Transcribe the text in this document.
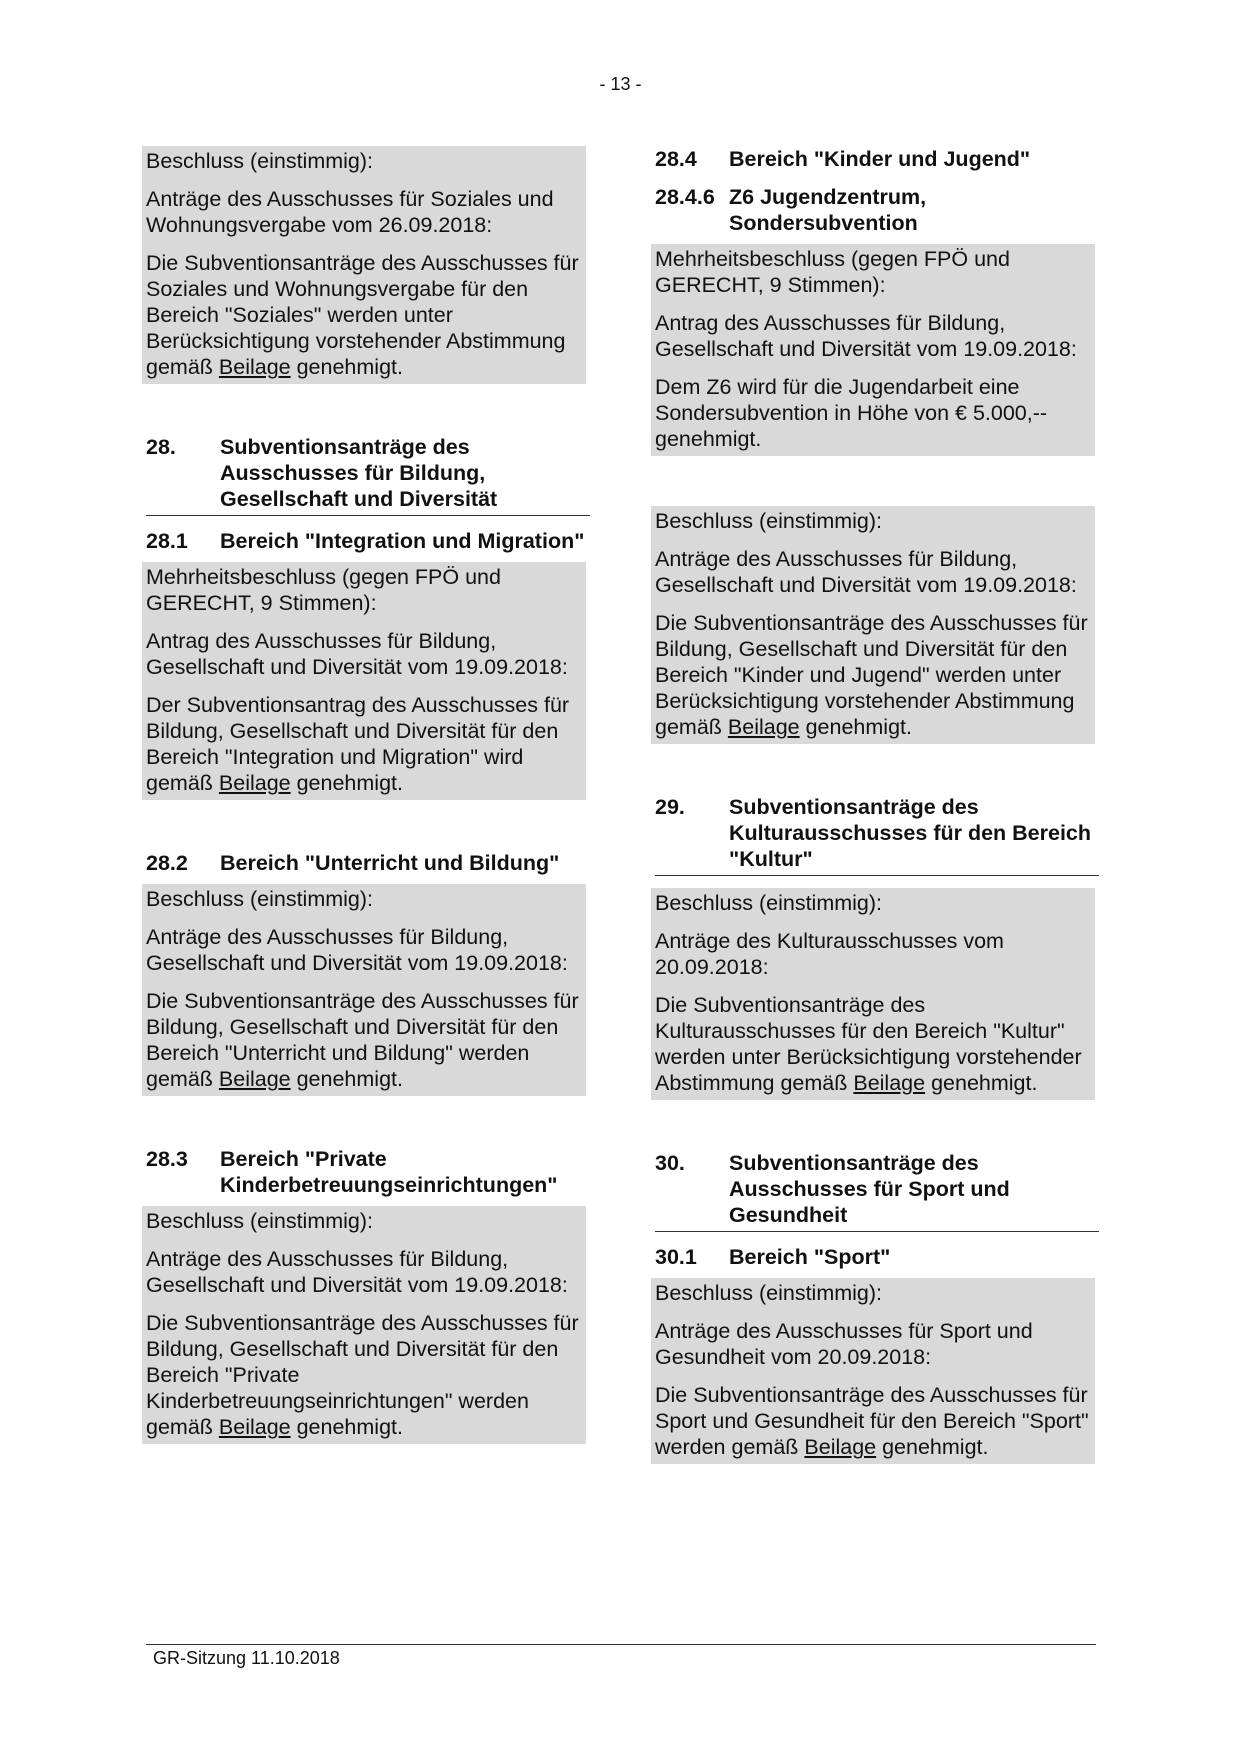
- 13 -

Beschluss (einstimmig):

Anträge des Ausschusses für Soziales und Wohnungsvergabe vom 26.09.2018:

Die Subventionsanträge des Ausschusses für Soziales und Wohnungsvergabe für den Bereich "Soziales" werden unter Berücksichtigung vorstehender Abstimmung gemäß Beilage genehmigt.

28.	Subventionsanträge des Ausschusses für Bildung, Gesellschaft und Diversität
28.1	Bereich "Integration und Migration"

Mehrheitsbeschluss (gegen FPÖ und GERECHT, 9 Stimmen):

Antrag des Ausschusses für Bildung, Gesellschaft und Diversität vom 19.09.2018:

Der Subventionsantrag des Ausschusses für Bildung, Gesellschaft und Diversität für den Bereich "Integration und Migration" wird gemäß Beilage genehmigt.

28.2	Bereich "Unterricht und Bildung"

Beschluss (einstimmig):

Anträge des Ausschusses für Bildung, Gesellschaft und Diversität vom 19.09.2018:

Die Subventionsanträge des Ausschusses für Bildung, Gesellschaft und Diversität für den Bereich "Unterricht und Bildung" werden gemäß Beilage genehmigt.

28.3	Bereich "Private Kinderbetreuungseinrichtungen"

Beschluss (einstimmig):

Anträge des Ausschusses für Bildung, Gesellschaft und Diversität vom 19.09.2018:

Die Subventionsanträge des Ausschusses für Bildung, Gesellschaft und Diversität für den Bereich "Private Kinderbetreuungseinrichtungen" werden gemäß Beilage genehmigt.

28.4	Bereich "Kinder und Jugend"
28.4.6 Z6 Jugendzentrum, Sondersubvention

Mehrheitsbeschluss (gegen FPÖ und GERECHT, 9 Stimmen):

Antrag des Ausschusses für Bildung, Gesellschaft und Diversität vom 19.09.2018:

Dem Z6 wird für die Jugendarbeit eine Sondersubvention in Höhe von € 5.000,-- genehmigt.

Beschluss (einstimmig):

Anträge des Ausschusses für Bildung, Gesellschaft und Diversität vom 19.09.2018:

Die Subventionsanträge des Ausschusses für Bildung, Gesellschaft und Diversität für den Bereich "Kinder und Jugend" werden unter Berücksichtigung vorstehender Abstimmung gemäß Beilage genehmigt.

29.	Subventionsanträge des Kulturausschusses für den Bereich "Kultur"

Beschluss (einstimmig):

Anträge des Kulturausschusses vom 20.09.2018:

Die Subventionsanträge des Kulturausschusses für den Bereich "Kultur" werden unter Berücksichtigung vorstehender Abstimmung gemäß Beilage genehmigt.

30.	Subventionsanträge des Ausschusses für Sport und Gesundheit
30.1	Bereich "Sport"

Beschluss (einstimmig):

Anträge des Ausschusses für Sport und Gesundheit vom 20.09.2018:

Die Subventionsanträge des Ausschusses für Sport und Gesundheit für den Bereich "Sport" werden gemäß Beilage genehmigt.

GR-Sitzung 11.10.2018
